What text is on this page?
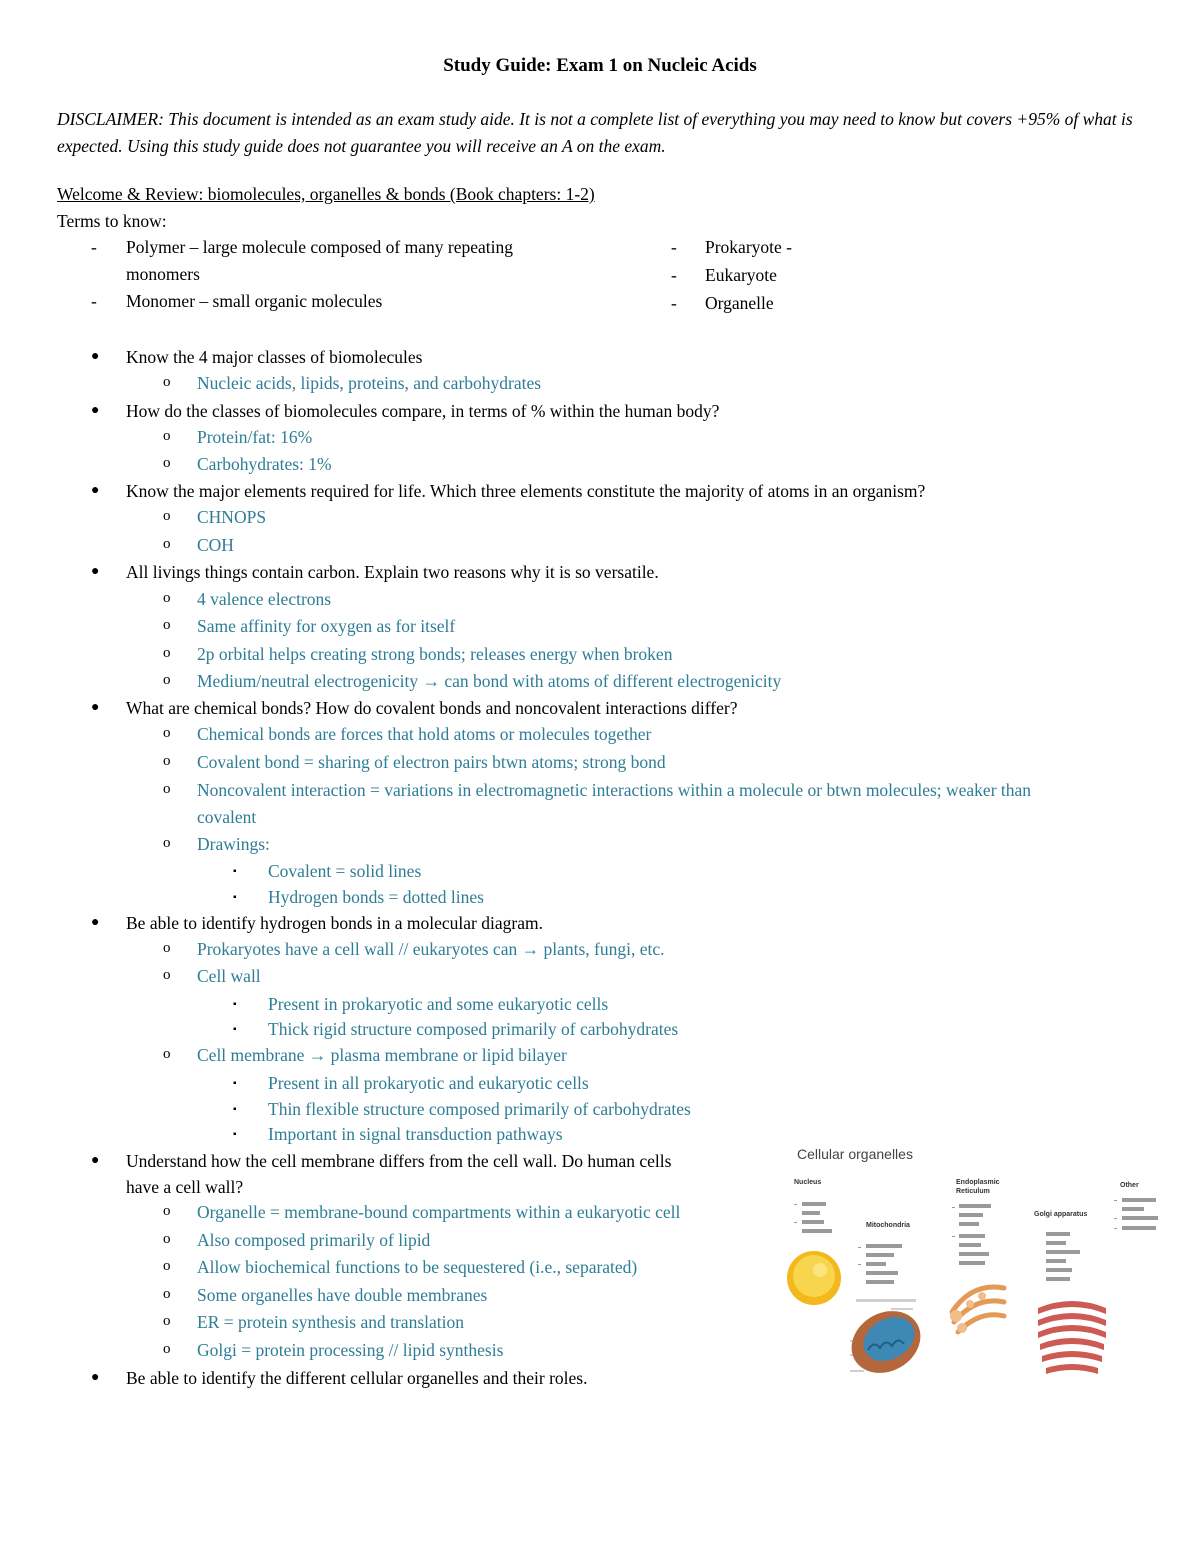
Study Guide: Exam 1 on Nucleic Acids
DISCLAIMER: This document is intended as an exam study aide. It is not a complete list of everything you may need to know but covers +95% of what is expected. Using this study guide does not guarantee you will receive an A on the exam.
Welcome & Review: biomolecules, organelles & bonds (Book chapters: 1-2)
Terms to know:
- Polymer – large molecule composed of many repeating
monomers
- Monomer – small organic molecules
- Prokaryote -
- Eukaryote
- Organelle
● Know the 4 major classes of biomolecules
o Nucleic acids, lipids, proteins, and carbohydrates
● How do the classes of biomolecules compare, in terms of % within the human body?
o Protein/fat: 16%
o Carbohydrates: 1%
● Know the major elements required for life. Which three elements constitute the majority of atoms in an organism?
o CHNOPS
o COH
● All livings things contain carbon. Explain two reasons why it is so versatile.
o 4 valence electrons
o Same affinity for oxygen as for itself
o 2p orbital helps creating strong bonds; releases energy when broken
o Medium/neutral electrogenicity → can bond with atoms of different electrogenicity
● What are chemical bonds? How do covalent bonds and noncovalent interactions differ?
o Chemical bonds are forces that hold atoms or molecules together
o Covalent bond = sharing of electron pairs btwn atoms; strong bond
o Noncovalent interaction = variations in electromagnetic interactions within a molecule or btwn molecules; weaker than
covalent
o Drawings:
▪ Covalent = solid lines
▪ Hydrogen bonds = dotted lines
● Be able to identify hydrogen bonds in a molecular diagram.
o Prokaryotes have a cell wall // eukaryotes can → plants, fungi, etc.
o Cell wall
▪ Present in prokaryotic and some eukaryotic cells
▪ Thick rigid structure composed primarily of carbohydrates
o Cell membrane → plasma membrane or lipid bilayer
▪ Present in all prokaryotic and eukaryotic cells
▪ Thin flexible structure composed primarily of carbohydrates
▪ Important in signal transduction pathways
● Understand how the cell membrane differs from the cell wall. Do human cells
have a cell wall?
o Organelle = membrane-bound compartments within a eukaryotic cell
o Also composed primarily of lipid
o Allow biochemical functions to be sequestered (i.e., separated)
o Some organelles have double membranes
o ER = protein synthesis and translation
o Golgi = protein processing // lipid synthesis
● Be able to identify the different cellular organelles and their roles.
Cellular organelles
Nucleus
Mitochondria
Endoplasmic
Reticulum
Golgi apparatus
Other
